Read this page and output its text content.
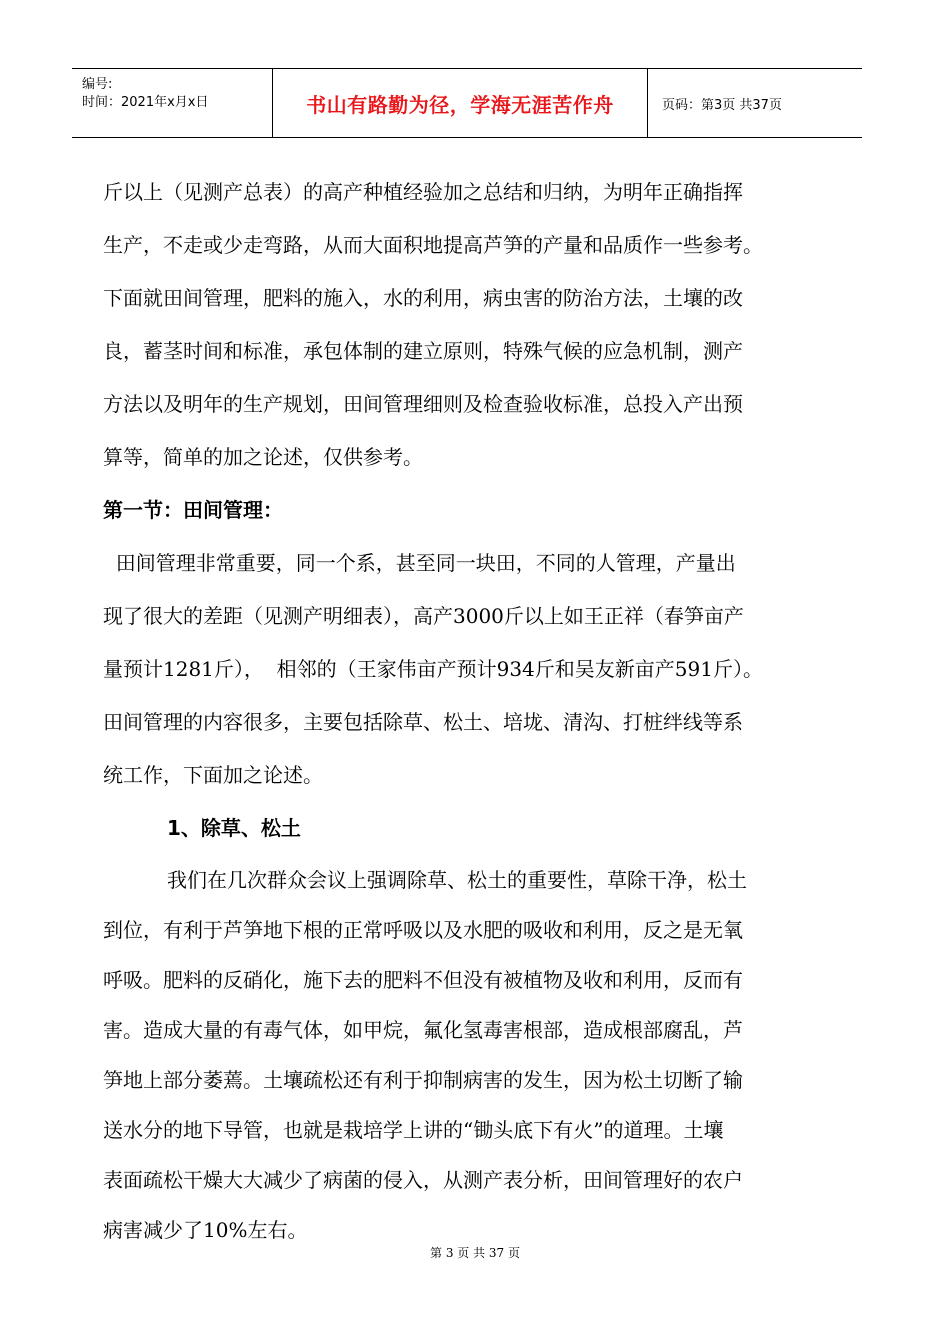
编号:
时间：2021年x月x日	书山有路勤为径，学海无涯苦作舟	页码：第3页 共37页
斤以上（见测产总表）的高产种植经验加之总结和归纳，为明年正确指挥
生产，不走或少走弯路，从而大面积地提高芦笋的产量和品质作一些参考。
下面就田间管理，肥料的施入，水的利用，病虫害的防治方法，土壤的改
良，蓄茎时间和标准，承包体制的建立原则，特殊气候的应急机制，测产
方法以及明年的生产规划，田间管理细则及检查验收标准，总投入产出预
算等，简单的加之论述，仅供参考。
第一节：田间管理：
田间管理非常重要，同一个系，甚至同一块田，不同的人管理，产量出
现了很大的差距（见测产明细表），高产3000斤以上如王正祥（春笋亩产
量预计1281斤），  相邻的（王家伟亩产预计934斤和吴友新亩产591斤）。
田间管理的内容很多，主要包括除草、松土、培垅、清沟、打桩绊线等系
统工作，下面加之论述。
1、除草、松土
我们在几次群众会议上强调除草、松土的重要性，草除干净，松土
到位，有利于芦笋地下根的正常呼吸以及水肥的吸收和利用，反之是无氧
呼吸。肥料的反硝化，施下去的肥料不但没有被植物及收和利用，反而有
害。造成大量的有毒气体，如甲烷，氟化氢毒害根部，造成根部腐乱，芦
笋地上部分萎蔫。土壤疏松还有利于抑制病害的发生，因为松土切断了输
送水分的地下导管，也就是栽培学上讲的“锄头底下有火”的道理。土壤
表面疏松干燥大大减少了病菌的侵入，从测产表分析，田间管理好的农户
病害减少了10%左右。
第 3 页 共 37 页
